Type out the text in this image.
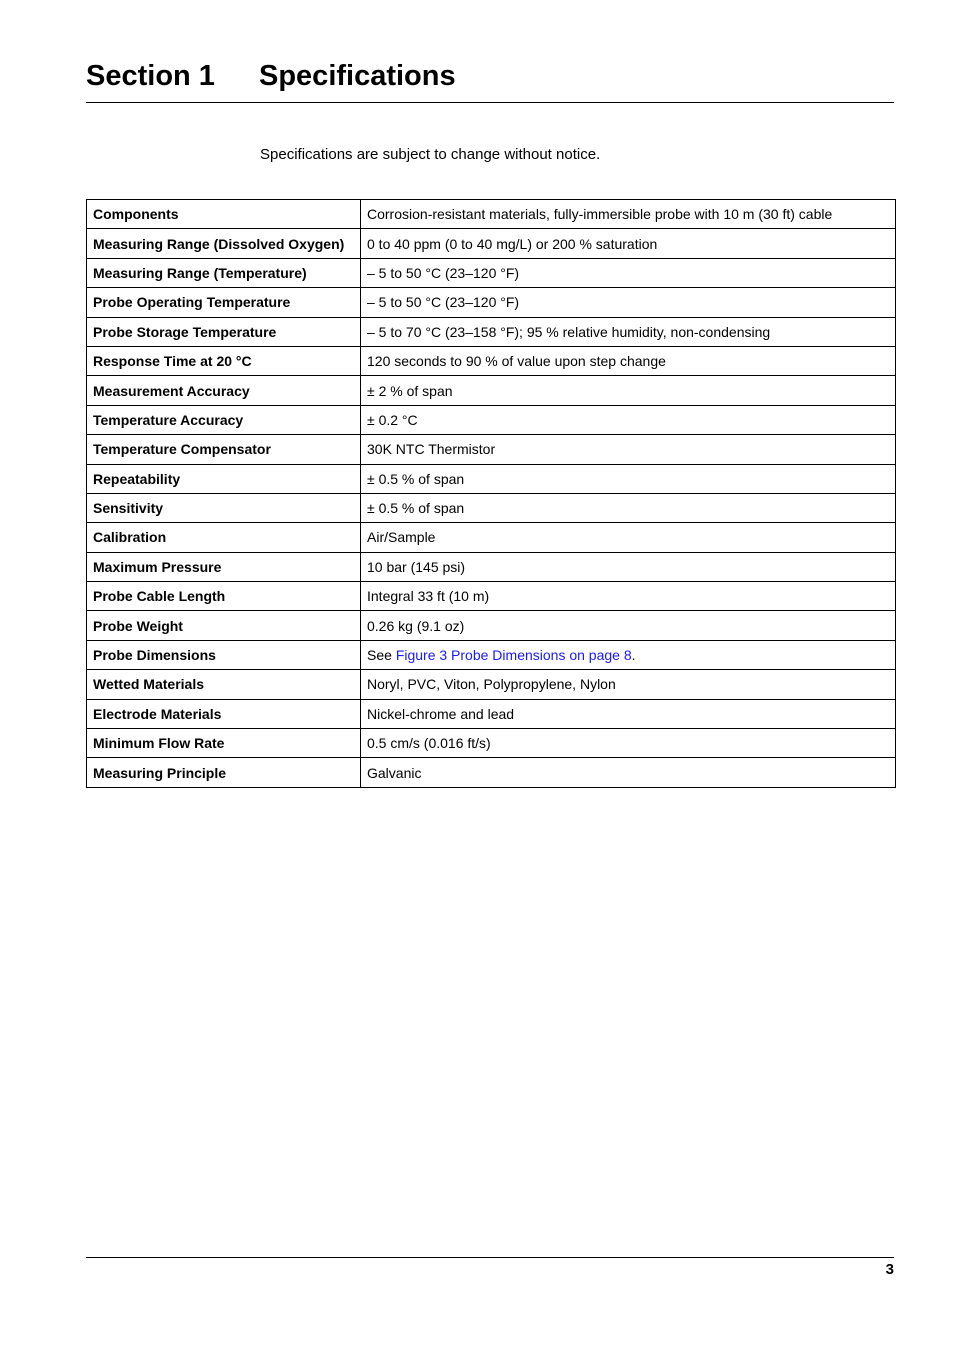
Section 1 Specifications
Specifications are subject to change without notice.
Components	Corrosion-resistant materials, fully-immersible probe with 10 m (30 ft) cable
Measuring Range (Dissolved Oxygen)	0 to 40 ppm (0 to 40 mg/L) or 200 % saturation
Measuring Range (Temperature)	– 5 to 50 °C (23–120 °F)
Probe Operating Temperature	– 5 to 50 °C (23–120 °F)
Probe Storage Temperature	– 5 to 70 °C (23–158 °F); 95 % relative humidity, non-condensing
Response Time at 20 °C	120 seconds to 90 % of value upon step change
Measurement Accuracy	± 2 % of span
Temperature Accuracy	± 0.2 °C
Temperature Compensator	30K NTC Thermistor
Repeatability	± 0.5 % of span
Sensitivity	± 0.5 % of span
Calibration	Air/Sample
Maximum Pressure	10 bar (145 psi)
Probe Cable Length	Integral 33 ft (10 m)
Probe Weight	0.26 kg (9.1 oz)
Probe Dimensions	See Figure 3 Probe Dimensions on page 8.
Wetted Materials	Noryl, PVC, Viton, Polypropylene, Nylon
Electrode Materials	Nickel-chrome and lead
Minimum Flow Rate	0.5 cm/s (0.016 ft/s)
Measuring Principle	Galvanic
3
